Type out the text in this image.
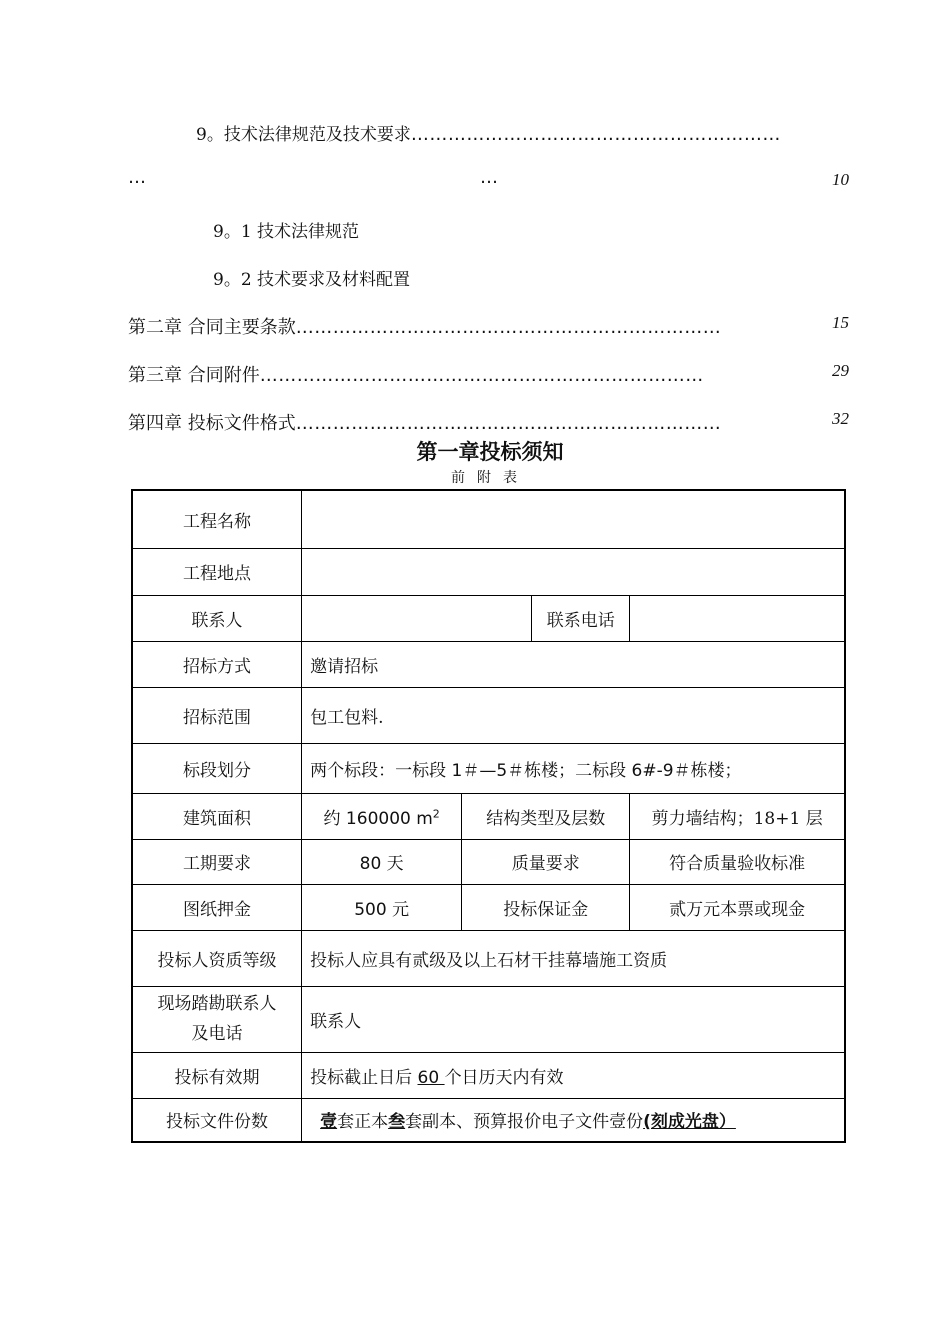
9。技术法律规范及技术要求……………………………………………………
…	…	10
9。1 技术法律规范
9。2 技术要求及材料配置
第二章 合同主要条款……………………………………………………………	15
第三章 合同附件………………………………………………………………	29
第四章 投标文件格式……………………………………………………………	32
第一章投标须知
前附表
工程名称				
工程地点				
联系人			联系电话	
招标方式	邀请招标			
招标范围	包工包料.			
标段划分	两个标段：一标段 1＃—5＃栋楼；二标段 6#-9＃栋楼；			
建筑面积	约 160000 $m^2$	结构类型及层数		剪力墙结构；18+1 层
工期要求	80 天	质量要求		符合质量验收标准
图纸押金	500 元	投标保证金		贰万元本票或现金
投标人资质等级	投标人应具有贰级及以上石材干挂幕墙施工资质			

现场踏勘联系人
及电话	联系人			
投标有效期	投标截止日后 60 个日历天内有效			
投标文件份数	壹套正本叁套副本、预算报价电子文件壹份(刻成光盘）			
